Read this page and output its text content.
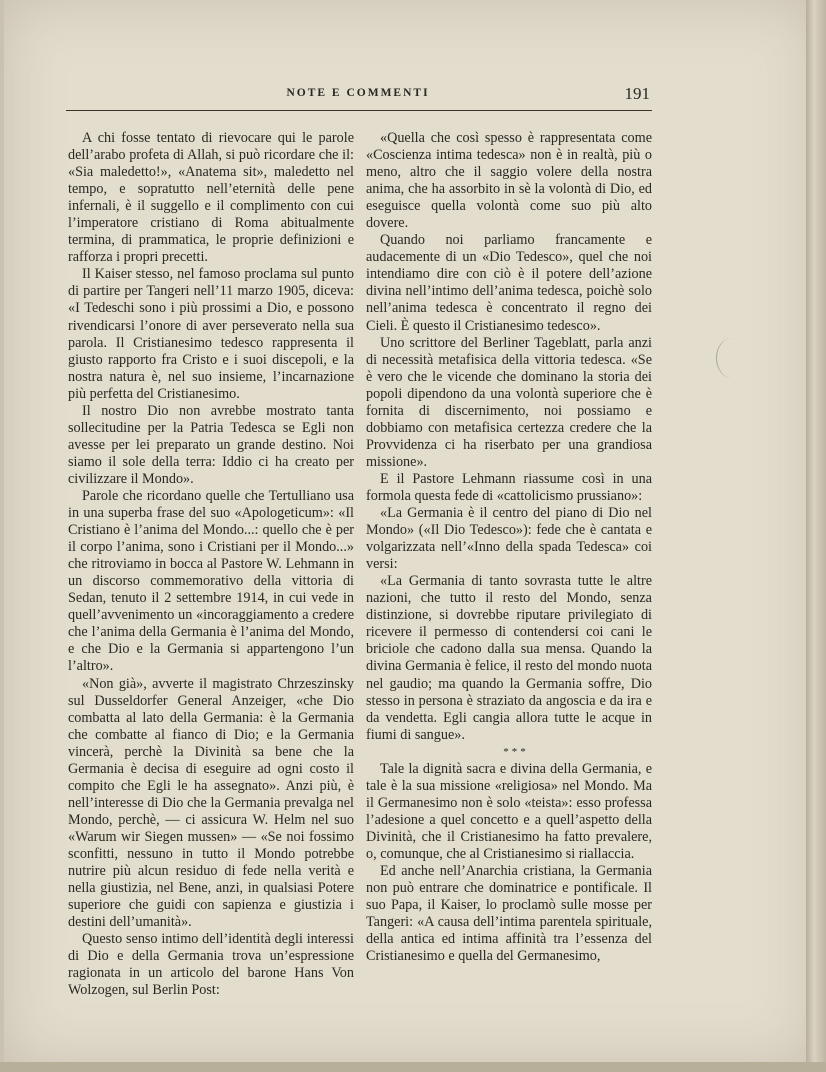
NOTE E COMMENTI	191

A chi fosse tentato di rievocare qui le parole dell’arabo profeta di Allah, si può ricordare che il: «Sia maledetto!», «Anatema sit», maledetto nel tempo, e sopratutto nell’eternità delle pene infernali, è il suggello e il complimento con cui l’imperatore cristiano di Roma abitualmente termina, di prammatica, le proprie definizioni e rafforza i propri precetti.

Il Kaiser stesso, nel famoso proclama sul punto di partire per Tangeri nell’11 marzo 1905, diceva: «I Tedeschi sono i più prossimi a Dio, e possono rivendicarsi l’onore di aver perseverato nella sua parola. Il Cristianesimo tedesco rappresenta il giusto rapporto fra Cristo e i suoi discepoli, e la nostra natura è, nel suo insieme, l’incarnazione più perfetta del Cristianesimo.

Il nostro Dio non avrebbe mostrato tanta sollecitudine per la Patria Tedesca se Egli non avesse per lei preparato un grande destino. Noi siamo il sole della terra: Iddio ci ha creato per civilizzare il Mondo».

Parole che ricordano quelle che Tertulliano usa in una superba frase del suo «Apologeticum»: «Il Cristiano è l’anima del Mondo...: quello che è per il corpo l’anima, sono i Cristiani per il Mondo...» che ritroviamo in bocca al Pastore W. Lehmann in un discorso commemorativo della vittoria di Sedan, tenuto il 2 settembre 1914, in cui vede in quell’avvenimento un «incoraggiamento a credere che l’anima della Germania è l’anima del Mondo, e che Dio e la Germania si appartengono l’un l’altro».

«Non già», avverte il magistrato Chrzeszinsky sul Dusseldorfer General Anzeiger, «che Dio combatta al lato della Germania: è la Germania che combatte al fianco di Dio; e la Germania vincerà, perchè la Divinità sa bene che la Germania è decisa di eseguire ad ogni costo il compito che Egli le ha assegnato». Anzi più, è nell’interesse di Dio che la Germania prevalga nel Mondo, perchè, — ci assicura W. Helm nel suo «Warum wir Siegen mussen» — «Se noi fossimo sconfitti, nessuno in tutto il Mondo potrebbe nutrire più alcun residuo di fede nella verità e nella giustizia, nel Bene, anzi, in qualsiasi Potere superiore che guidi con sapienza e giustizia i destini dell’umanità».

Questo senso intimo dell’identità degli interessi di Dio e della Germania trova un’espressione ragionata in un articolo del barone Hans Von Wolzogen, sul Berlin Post:

«Quella che così spesso è rappresentata come «Coscienza intima tedesca» non è in realtà, più o meno, altro che il saggio volere della nostra anima, che ha assorbito in sè la volontà di Dio, ed eseguisce quella volontà come suo più alto dovere.

Quando noi parliamo francamente e audacemente di un «Dio Tedesco», quel che noi intendiamo dire con ciò è il potere dell’azione divina nell’intimo dell’anima tedesca, poichè solo nell’anima tedesca è concentrato il regno dei Cieli. È questo il Cristianesimo tedesco».

Uno scrittore del Berliner Tageblatt, parla anzi di necessità metafisica della vittoria tedesca. «Se è vero che le vicende che dominano la storia dei popoli dipendono da una volontà superiore che è fornita di discernimento, noi possiamo e dobbiamo con metafisica certezza credere che la Provvidenza ci ha riserbato per una grandiosa missione».

E il Pastore Lehmann riassume così in una formola questa fede di «cattolicismo prussiano»:

«La Germania è il centro del piano di Dio nel Mondo» («Il Dio Tedesco»): fede che è cantata e volgarizzata nell’«Inno della spada Tedesca» coi versi:

«La Germania di tanto sovrasta tutte le altre nazioni, che tutto il resto del Mondo, senza distinzione, si dovrebbe riputare privilegiato di ricevere il permesso di contendersi coi cani le briciole che cadono dalla sua mensa. Quando la divina Germania è felice, il resto del mondo nuota nel gaudio; ma quando la Germania soffre, Dio stesso in persona è straziato da angoscia e da ira e da vendetta. Egli cangia allora tutte le acque in fiumi di sangue».

***

Tale la dignità sacra e divina della Germania, e tale è la sua missione «religiosa» nel Mondo. Ma il Germanesimo non è solo «teista»: esso professa l’adesione a quel concetto e a quell’aspetto della Divinità, che il Cristianesimo ha fatto prevalere, o, comunque, che al Cristianesimo si riallaccia.

Ed anche nell’Anarchia cristiana, la Germania non può entrare che dominatrice e pontificale. Il suo Papa, il Kaiser, lo proclamò sulle mosse per Tangeri: «A causa dell’intima parentela spirituale, della antica ed intima affinità tra l’essenza del Cristianesimo e quella del Germanesimo,
